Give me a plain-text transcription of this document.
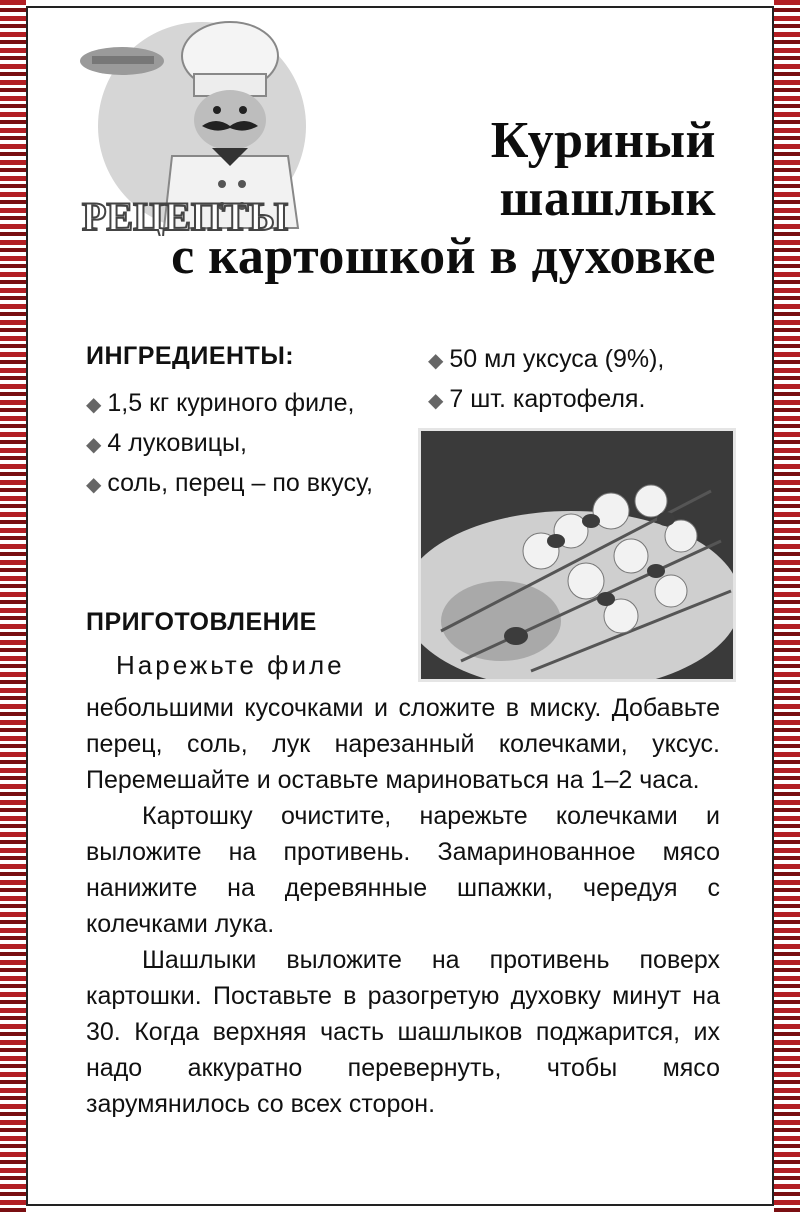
РЕЦЕПТЫ
Куриный
шашлык
с картошкой в духовке
ИНГРЕДИЕНТЫ:
◆ 1,5 кг куриного филе,
◆ 4 луковицы,
◆ соль, перец – по вкусу,
◆ 50 мл уксуса (9%),
◆ 7 шт. картофеля.
ПРИГОТОВЛЕНИЕ
Нарежьте филе

небольшими кусочками и сложите в миску. Добавьте перец, соль, лук нарезанный колечками, уксус. Перемешайте и оставьте мариноваться на 1–2 часа.

Картошку очистите, нарежьте колечками и выложите на противень. Замаринованное мясо нанижите на деревянные шпажки, чередуя с колечками лука.

Шашлыки выложите на противень поверх картошки. Поставьте в разогретую духовку минут на 30. Когда верхняя часть шашлыков поджарится, их надо аккуратно перевернуть, чтобы мясо зарумянилось со всех сторон.
